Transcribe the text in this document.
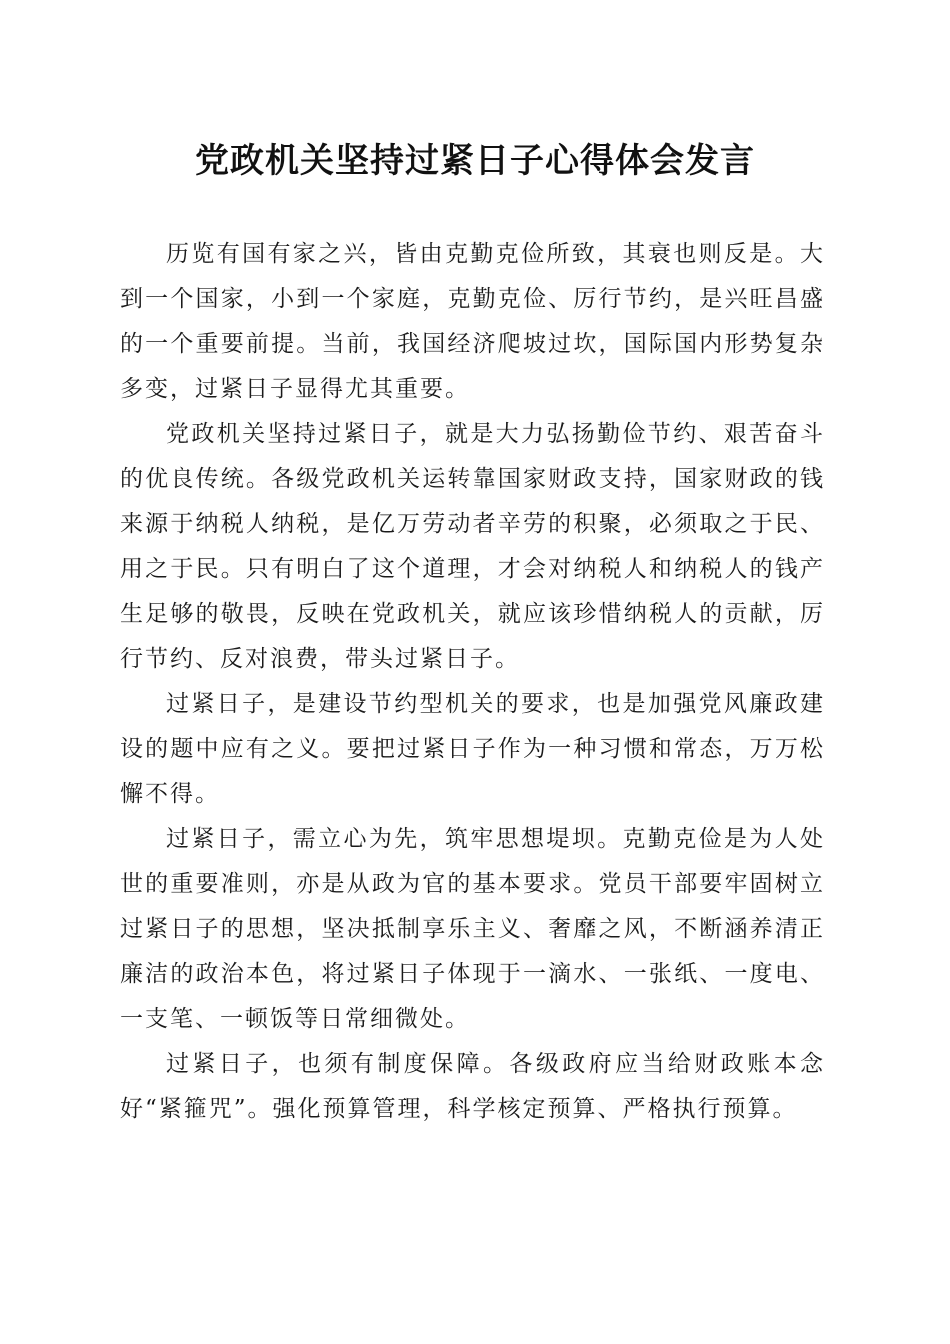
党政机关坚持过紧日子心得体会发言

历览有国有家之兴，皆由克勤克俭所致，其衰也则反是。大到一个国家，小到一个家庭，克勤克俭、厉行节约，是兴旺昌盛的一个重要前提。当前，我国经济爬坡过坎，国际国内形势复杂多变，过紧日子显得尤其重要。

党政机关坚持过紧日子，就是大力弘扬勤俭节约、艰苦奋斗的优良传统。各级党政机关运转靠国家财政支持，国家财政的钱来源于纳税人纳税，是亿万劳动者辛劳的积聚，必须取之于民、用之于民。只有明白了这个道理，才会对纳税人和纳税人的钱产生足够的敬畏，反映在党政机关，就应该珍惜纳税人的贡献，厉行节约、反对浪费，带头过紧日子。

过紧日子，是建设节约型机关的要求，也是加强党风廉政建设的题中应有之义。要把过紧日子作为一种习惯和常态，万万松懈不得。

过紧日子，需立心为先，筑牢思想堤坝。克勤克俭是为人处世的重要准则，亦是从政为官的基本要求。党员干部要牢固树立过紧日子的思想，坚决抵制享乐主义、奢靡之风，不断涵养清正廉洁的政治本色，将过紧日子体现于一滴水、一张纸、一度电、一支笔、一顿饭等日常细微处。

过紧日子，也须有制度保障。各级政府应当给财政账本念好“紧箍咒”。强化预算管理，科学核定预算、严格执行预算。
